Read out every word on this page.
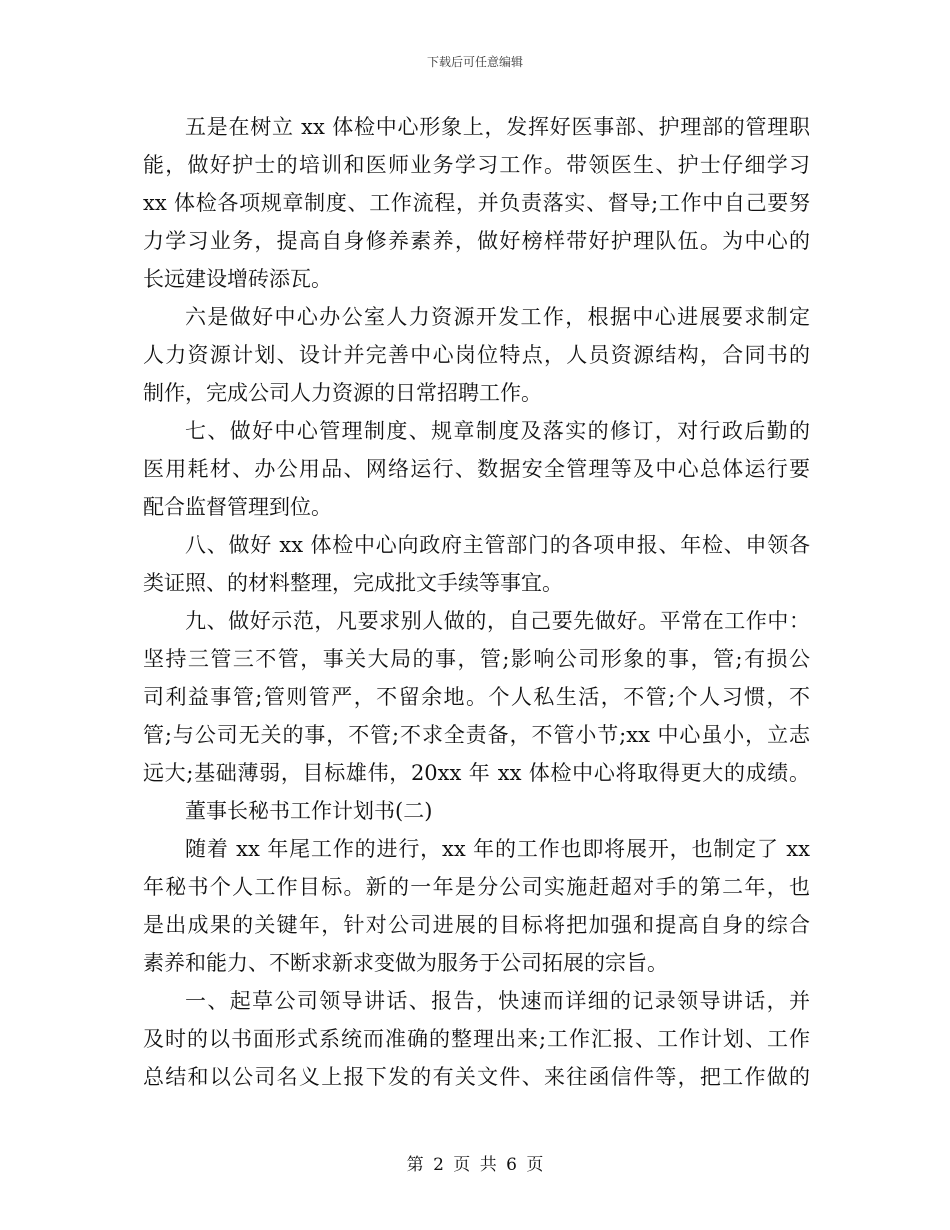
下载后可任意编辑
五是在树立 xx 体检中心形象上，发挥好医事部、护理部的管理职
能，做好护士的培训和医师业务学习工作。带领医生、护士仔细学习
xx 体检各项规章制度、工作流程，并负责落实、督导;工作中自己要努
力学习业务，提高自身修养素养，做好榜样带好护理队伍。为中心的
长远建设增砖添瓦。
六是做好中心办公室人力资源开发工作，根据中心进展要求制定
人力资源计划、设计并完善中心岗位特点，人员资源结构，合同书的
制作，完成公司人力资源的日常招聘工作。
七、做好中心管理制度、规章制度及落实的修订，对行政后勤的
医用耗材、办公用品、网络运行、数据安全管理等及中心总体运行要
配合监督管理到位。
八、做好 xx 体检中心向政府主管部门的各项申报、年检、申领各
类证照、的材料整理，完成批文手续等事宜。
九、做好示范，凡要求别人做的，自己要先做好。平常在工作中：
坚持三管三不管，事关大局的事，管;影响公司形象的事，管;有损公
司利益事管;管则管严，不留余地。个人私生活，不管;个人习惯，不
管;与公司无关的事，不管;不求全责备，不管小节;xx 中心虽小，立志
远大;基础薄弱，目标雄伟，20xx 年 xx 体检中心将取得更大的成绩。
董事长秘书工作计划书(二)
随着 xx 年尾工作的进行，xx 年的工作也即将展开，也制定了 xx
年秘书个人工作目标。新的一年是分公司实施赶超对手的第二年，也
是出成果的关键年，针对公司进展的目标将把加强和提高自身的综合
素养和能力、不断求新求变做为服务于公司拓展的宗旨。
一、起草公司领导讲话、报告，快速而详细的记录领导讲话，并
及时的以书面形式系统而准确的整理出来;工作汇报、工作计划、工作
总结和以公司名义上报下发的有关文件、来往函信件等，把工作做的
第 2 页 共 6 页
